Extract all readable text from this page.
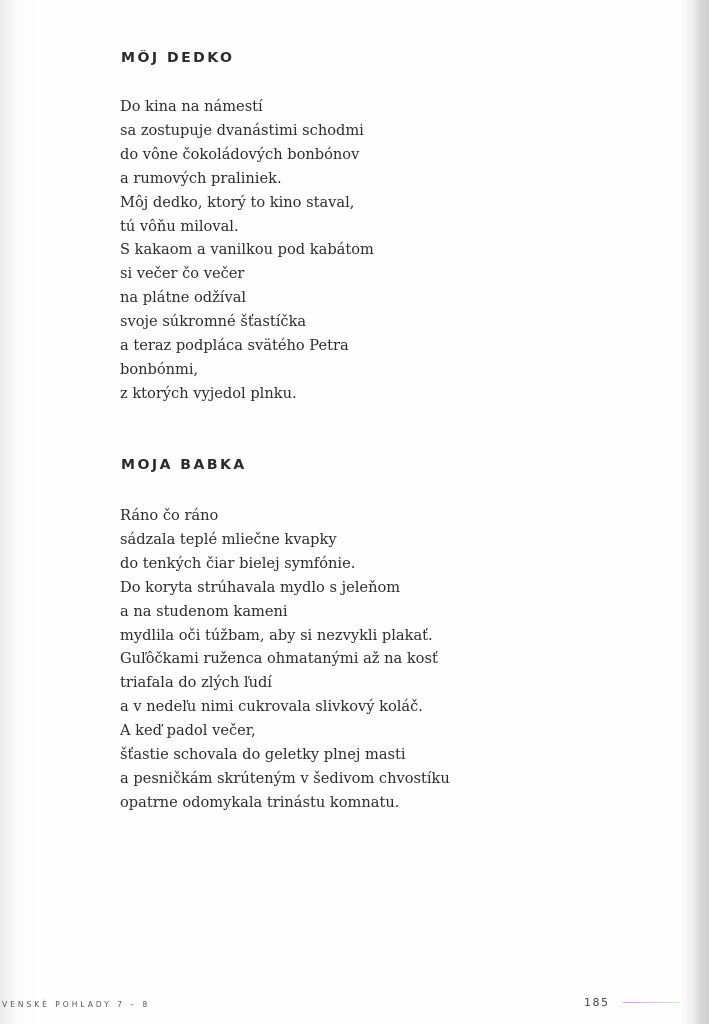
MÔJ DEDKO
Do kina na námestí
sa zostupuje dvanástimi schodmi
do vône čokoládových bonbónov
a rumových praliniek.
Môj dedko, ktorý to kino staval,
tú vôňu miloval.
S kakaom a vanilkou pod kabátom
si večer čo večer
na plátne odžíval
svoje súkromné šťastíčka
a teraz podpláca svätého Petra
bonbónmi,
z ktorých vyjedol plnku.
MOJA BABKA
Ráno čo ráno
sádzala teplé mliečne kvapky
do tenkých čiar bielej symfónie.
Do koryta strúhavala mydlo s jeleňom
a na studenom kameni
mydlila oči túžbam, aby si nezvykli plakať.
Guľôčkami ruženca ohmatanými až na kosť
triafala do zlých ľudí
a v nedeľu nimi cukrovala slivkový koláč.
A keď padol večer,
šťastie schovala do geletky plnej masti
a pesničkám skrúteným v šedivom chvostíku
opatrne odomykala trinástu komnatu.
VENSKÉ POHLADY 7 – 8	185
